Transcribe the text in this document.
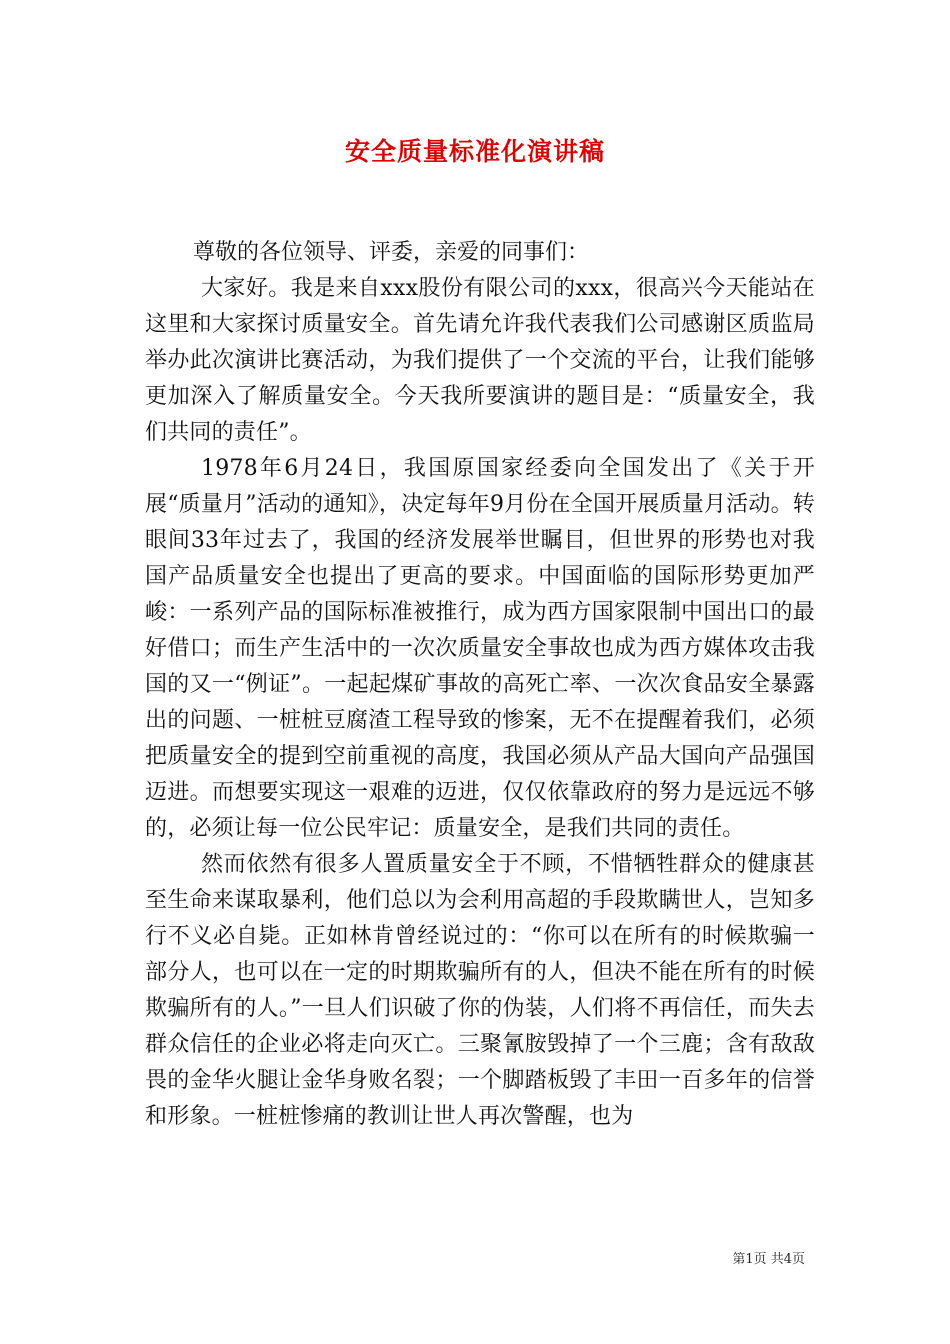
安全质量标准化演讲稿

尊敬的各位领导、评委，亲爱的同事们：

大家好。我是来自xxx股份有限公司的xxx，很高兴今天能站在这里和大家探讨质量安全。首先请允许我代表我们公司感谢区质监局举办此次演讲比赛活动，为我们提供了一个交流的平台，让我们能够更加深入了解质量安全。今天我所要演讲的题目是：“质量安全，我们共同的责任”。

1978年6月24日，我国原国家经委向全国发出了《关于开展“质量月”活动的通知》，决定每年9月份在全国开展质量月活动。转眼间33年过去了，我国的经济发展举世瞩目，但世界的形势也对我国产品质量安全也提出了更高的要求。中国面临的国际形势更加严峻：一系列产品的国际标准被推行，成为西方国家限制中国出口的最好借口；而生产生活中的一次次质量安全事故也成为西方媒体攻击我国的又一“例证”。一起起煤矿事故的高死亡率、一次次食品安全暴露出的问题、一桩桩豆腐渣工程导致的惨案，无不在提醒着我们，必须把质量安全的提到空前重视的高度，我国必须从产品大国向产品强国迈进。而想要实现这一艰难的迈进，仅仅依靠政府的努力是远远不够的，必须让每一位公民牢记：质量安全，是我们共同的责任。

然而依然有很多人置质量安全于不顾，不惜牺牲群众的健康甚至生命来谋取暴利，他们总以为会利用高超的手段欺瞒世人，岂知多行不义必自毙。正如林肯曾经说过的：“你可以在所有的时候欺骗一部分人，也可以在一定的时期欺骗所有的人，但决不能在所有的时候欺骗所有的人。”一旦人们识破了你的伪装，人们将不再信任，而失去群众信任的企业必将走向灭亡。三聚氰胺毁掉了一个三鹿；含有敌敌畏的金华火腿让金华身败名裂；一个脚踏板毁了丰田一百多年的信誉和形象。一桩桩惨痛的教训让世人再次警醒，也为

第1页 共4页
